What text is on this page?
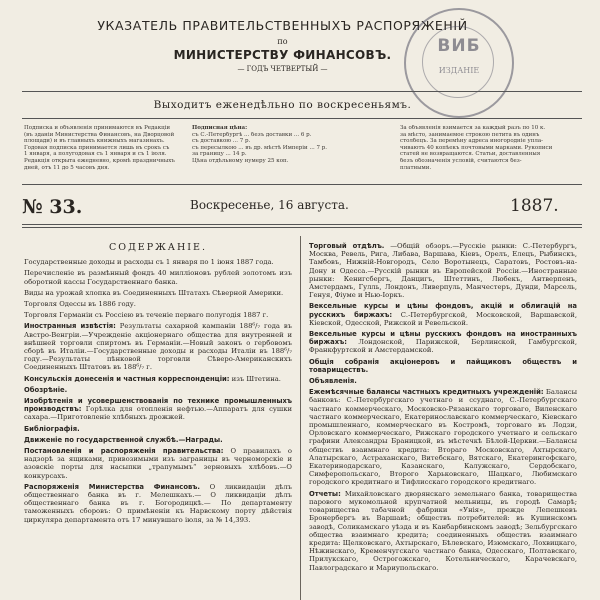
УКАЗАТЕЛЬ ПРАВИТЕЛЬСТВЕННЫХЪ РАСПОРЯЖЕНІЙ
по
МИНИСТЕРСТВУ ФИНАНСОВЪ.
— ГОДЪ ЧЕТВЕРТЫЙ —
ВИБ
ИЗДАНІЕ
Выходитъ еженедѣльно по воскресеньямъ.
Подписка и объявленія принимаются въ Редакціи
(въ зданіи Министерства Финансовъ, на Дворцовой
площади) и въ главныхъ книжныхъ магазинахъ.
Годовая подписка принимается лишь въ срокъ съ
1 января, а полугодовая съ 1 января и съ 1 іюля.
Редакція открыта ежедневно, кромѣ праздничныхъ
дней, отъ 11 до 5 часовъ дня.
Подписная цѣна:
съ С.-Петербургѣ ... безъ доставки ... 6 р.
съ доставкою ... 7 р.
съ пересылкою ... въ др. мѣстѣ Имперіи ... 7 р.
за границу ... 14 р.
Цѣна отдѣльному нумеру 25 коп.
За объявленія взимается за каждый разъ по 10 к.
за мѣсто, занимаемое строкою петита въ одинъ
столбецъ. За перемѣну адреса иногородніе упла-
чиваютъ 40 копѣекъ почтовыми марками. Рукописи
статей не возвращаются. Статьи, доставленныя
безъ обозначенія условій, считаются без-
платными.
№ 33.	Воскресенье, 16 августа.	1887.
СОДЕРЖАНІЕ.

Государственные доходы и расходы съ 1 января по 1 іюня 1887 года.

Перечисленіе въ размѣнный фондъ 40 милліоновъ рублей золотомъ изъ оборотной кассы Государственнаго банка.

Виды на урожай хлопка въ Соединенныхъ Штатахъ Сѣверной Америки.

Торговля Одессы въ 1886 году.

Торговля Германіи съ Россіею въ теченіе перваго полугодія 1887 г.

Иностранныя извѣстія: Результаты сахарной кампаніи 188⁶/₇ года въ Австро-Венгріи.—Учрежденіе акціонернаго общества для внутренней и внѣшней торговли спиртомъ въ Германіи.—Новый законъ о гербовомъ сборѣ въ Италіи.—Государственные доходы и расходы Италіи въ 188⁶/₇ году.—Результаты пѣнковой торговли Сѣверо-Американскихъ Соединенныхъ Штатовъ въ 188⁶/₇ г.

Консульскія донесенія и частныя корреспонденціи: изъ Штетина.

Обозрѣніе.

Изобрѣтенія и усовершенствованія по технике промышленныхъ производствъ: Горѣлка для отопленія нефтью.—Аппаратъ для сушки сахара.—Приготовленіе хлѣбныхъ дрожжей.

Библіографія.

Движеніе по государственной службѣ.—Награды.

Постановленія и распоряженія правительства: О правилахъ о надзорѣ за ящиками, привозимыми изъ заграницы въ черноморскіе и азовскіе порты для насыпки „трапумымъ“ зерновыхъ хлѣбовъ.—О конкурсахъ.

Распоряженія Министерства Финансовъ. О ликвидаціи дѣлъ общественнаго банка въ г. Мелешкахъ.— О ликвидаціи дѣлъ общественнаго банка въ г. Богородицкѣ.— По департаменту таможенныхъ сборовъ: О примѣненіи къ Нарвскому порту дѣйствія циркуляра департамента отъ 17 минувшаго іюля, за № 14,393.

Торговый отдѣлъ. —Общій обзоръ.—Русскіе рынки: С.-Петербургъ, Москва, Ревель, Рига, Либава, Варшава, Кіевъ, Орелъ, Елецъ, Рыбинскъ, Тамбовъ, Нижній-Новгородъ, Село Воротынецъ, Саратовъ, Ростовъ-на-Дону и Одесса.—Русскій рынки въ Европейской Россіи.—Иностранные рынки: Кенигсбергъ, Данцигъ, Штеттинъ, Любекъ, Антверпенъ, Амстердамъ, Гулль, Лондонъ, Ливерпуль, Манчестеръ, Дунди, Марсель, Генуя, Фіуме и Нью-Іоркъ.

Вексельные курсы и цѣны фондовъ, акцій и облигацій на русскихъ биржахъ: С.-Петербургской, Московской, Варшавской, Кіевской, Одесской, Рижской и Ревельской.

Вексельные курсы и цѣны русскихъ фондовъ на иностранныхъ биржахъ: Лондонской, Парижской, Берлинской, Гамбургской, Франкфуртской и Амстердамской.

Общія собранія акціонеровъ и пайщиковъ обществъ и товариществъ.

Объявленія.

Ежемѣсячные балансы частныхъ кредитныхъ учрежденій: Балансы банковъ: С.-Петербургскаго учетнаго и ссуднаго, С.-Петербургскаго частнаго коммерческаго, Московско-Рязанскаго торговаго, Виленскаго частнаго коммерческаго, Екатеринославскаго коммерческаго, Кіевскаго промышленнаго, коммерческаго въ Костромѣ, торговаго въ Лодзи, Орловскаго коммерческаго, Рижскаго городского учетнаго и сельскаго графини Александры Браницкой, въ мѣстечкѣ Бѣлой-Церкви.—Балансы обществъ взаимнаго кредита: Втораго Московскаго, Ахтырскаго, Алатырскаго, Астраханскаго, Витебскаго, Вятскаго, Екатерингофскаго, Екатеринодарскаго, Казанскаго, Калужскаго, Сердобскаго, Симферопольскаго, Второго Харьковскаго, Шацкаго, Любимскаго городского кредитнаго и Тифлисскаго городского кредитнаго.

Отчеты: Михайловскаго дворянскаго земельнаго банка, товарищества парового мукомольной крупчатной мельницы, въ городѣ Самарѣ; товарищества табачной фабрики «Унія», прежде Лепешкевъ Бронербергъ въ Варшавѣ; обществъ потребителей: въ Кушинскомъ заводѣ, Соликамскаго уѣзда и въ Канбарбинскомъ заводѣ; Зельбургскаго общества взаимнаго кредита; соединенныхъ обществъ взаимнаго кредита: Щелковскаго, Ахтырскаго, Бѣлевскаго, Изюмскаго, Лохвицкаго, Нѣжинскаго, Кременчугскаго частнаго банка, Одесскаго, Полтавскаго, Прилукскаго, Острогожскаго, Котельническаго, Карачевскаго, Павлоградскаго и Мариупольскаго.
